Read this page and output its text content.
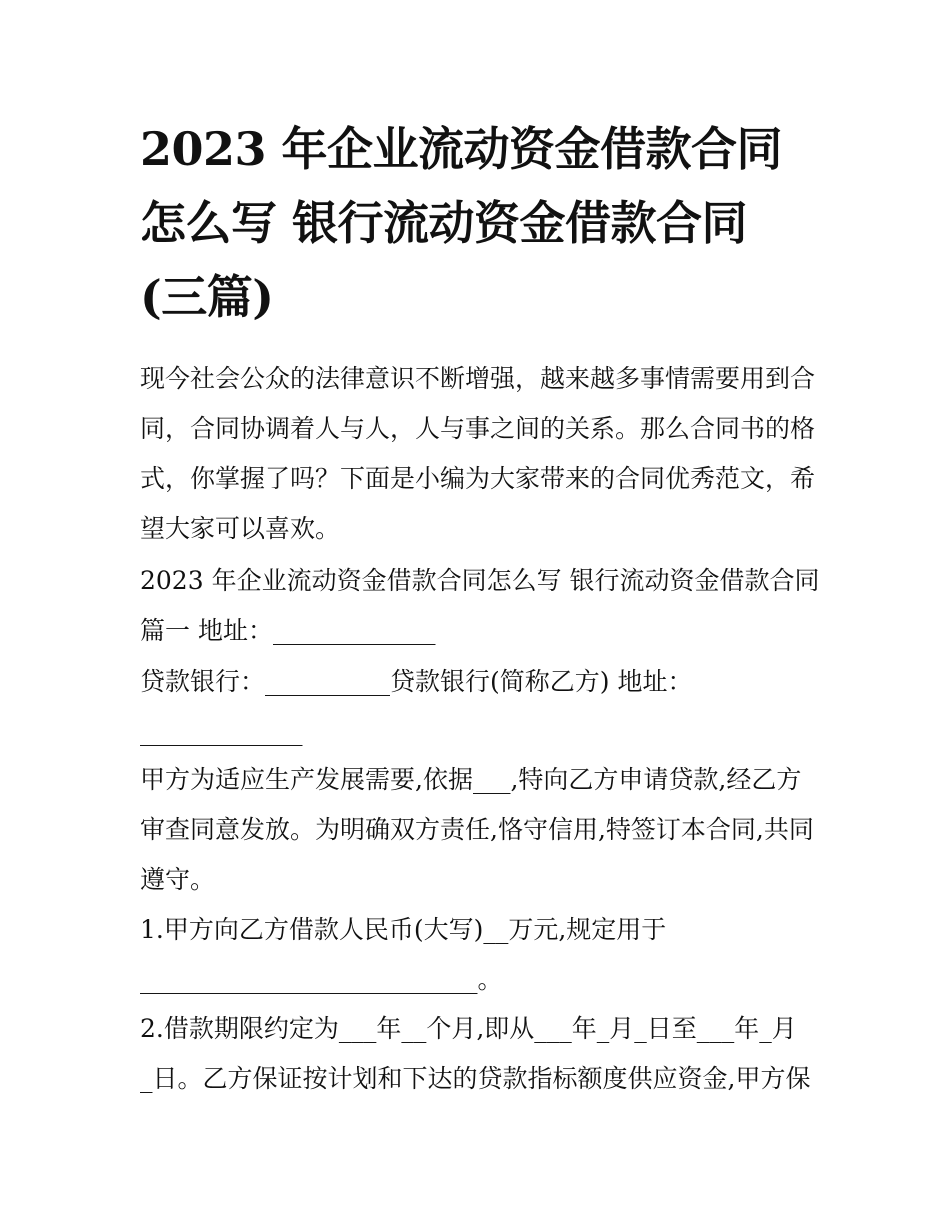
2023 年企业流动资金借款合同
怎么写 银行流动资金借款合同
(三篇)
现今社会公众的法律意识不断增强，越来越多事情需要用到合
同，合同协调着人与人，人与事之间的关系。那么合同书的格
式，你掌握了吗？下面是小编为大家带来的合同优秀范文，希
望大家可以喜欢。
2023 年企业流动资金借款合同怎么写 银行流动资金借款合同
篇一 地址：_____________
贷款银行：__________贷款银行(简称乙方) 地址：
_____________
甲方为适应生产发展需要,依据___,特向乙方申请贷款,经乙方
审查同意发放。为明确双方责任,恪守信用,特签订本合同,共同
遵守。
1.甲方向乙方借款人民币(大写)__万元,规定用于
___________________________。
2.借款期限约定为___年__个月,即从___年_月_日至___年_月
_日。乙方保证按计划和下达的贷款指标额度供应资金,甲方保
